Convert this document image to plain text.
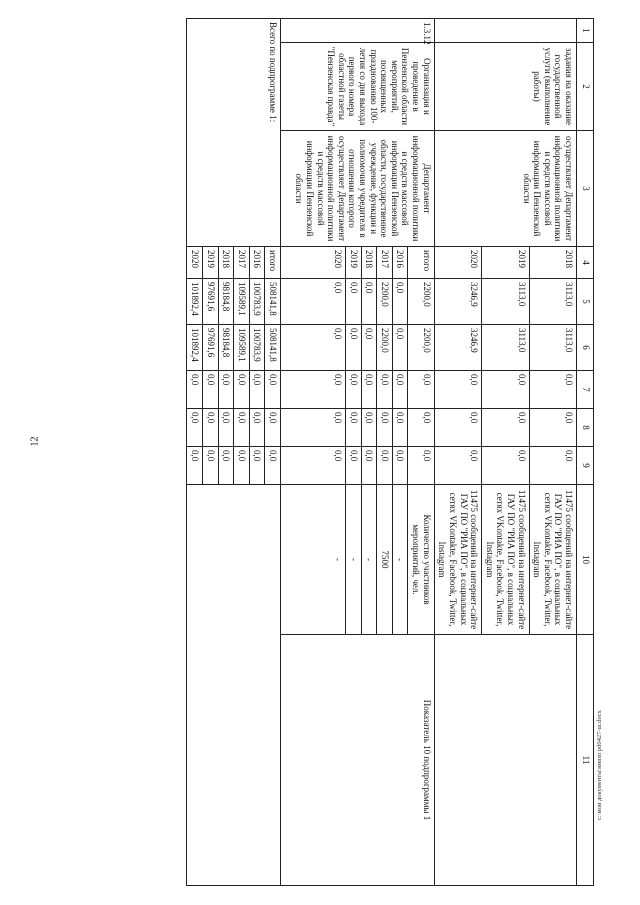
12
1	2	3	4	5	6	7	8	9	10	11
	задания на оказание государственной услуги (выполнение работы)	осуществляет Департамент информационной политики и средств массовой информации Пензенской области	2018	3113,0	3113,0	0,0	0,0	0,0	11475 сообщений на интернет-сайте ГАУ ПО "РИА ПО", в социальных сетях VKontakte, Facebook, Twitter, Instagram	
			2019	3113,0	3113,0	0,0	0,0	0,0	11475 сообщений на интернет-сайте ГАУ ПО "РИА ПО", в социальных сетях VKontakte, Facebook, Twitter, Instagram	
			2020	3246,9	3246,9	0,0	0,0	0,0	11475 сообщений на интернет-сайте ГАУ ПО "РИА ПО", в социальных сетях VKontakte, Facebook, Twitter, Instagram	
1.3.12	Организация и проведение в Пензенской области мероприятий, посвященных празднованию 100-летия со дня выхода первого номера областной газеты "Пензенская правда"	Департамент информационной политики и средств массовой информации Пензенской области, государственное учреждение, функции и полномочия учредителя в отношении которого осуществляет Департамент информационной политики и средств массовой информации Пензенской области	итого	2200,0	2200,0	0,0	0,0	0,0	Количество участников мероприятий, чел.	Показатель 10 подпрограммы 1
			2016	0,0	0,0	0,0	0,0	0,0	-	
			2017	2200,0	2200,0	0,0	0,0	0,0	7500	
			2018	0,0	0,0	0,0	0,0	0,0	-	
			2019	0,0	0,0	0,0	0,0	0,0	-	
			2020	0,0	0,0	0,0	0,0	0,0	-	
Всего по подпрограмме 1:			итого	508141,8	508141,8	0,0	0,0	0,0		
			2016	100783,9	100783,9	0,0	0,0	0,0		
			2017	109589,1	109589,1	0,0	0,0	0,0		
			2018	98184,8	98184,8	0,0	0,0	0,0		
			2019	97691,6	97691,6	0,0	0,0	0,0		
			2020	101892,4	101892,4	0,0	0,0	0,0		
c:\мои документы\ннnsn pd0427-ш.docx
